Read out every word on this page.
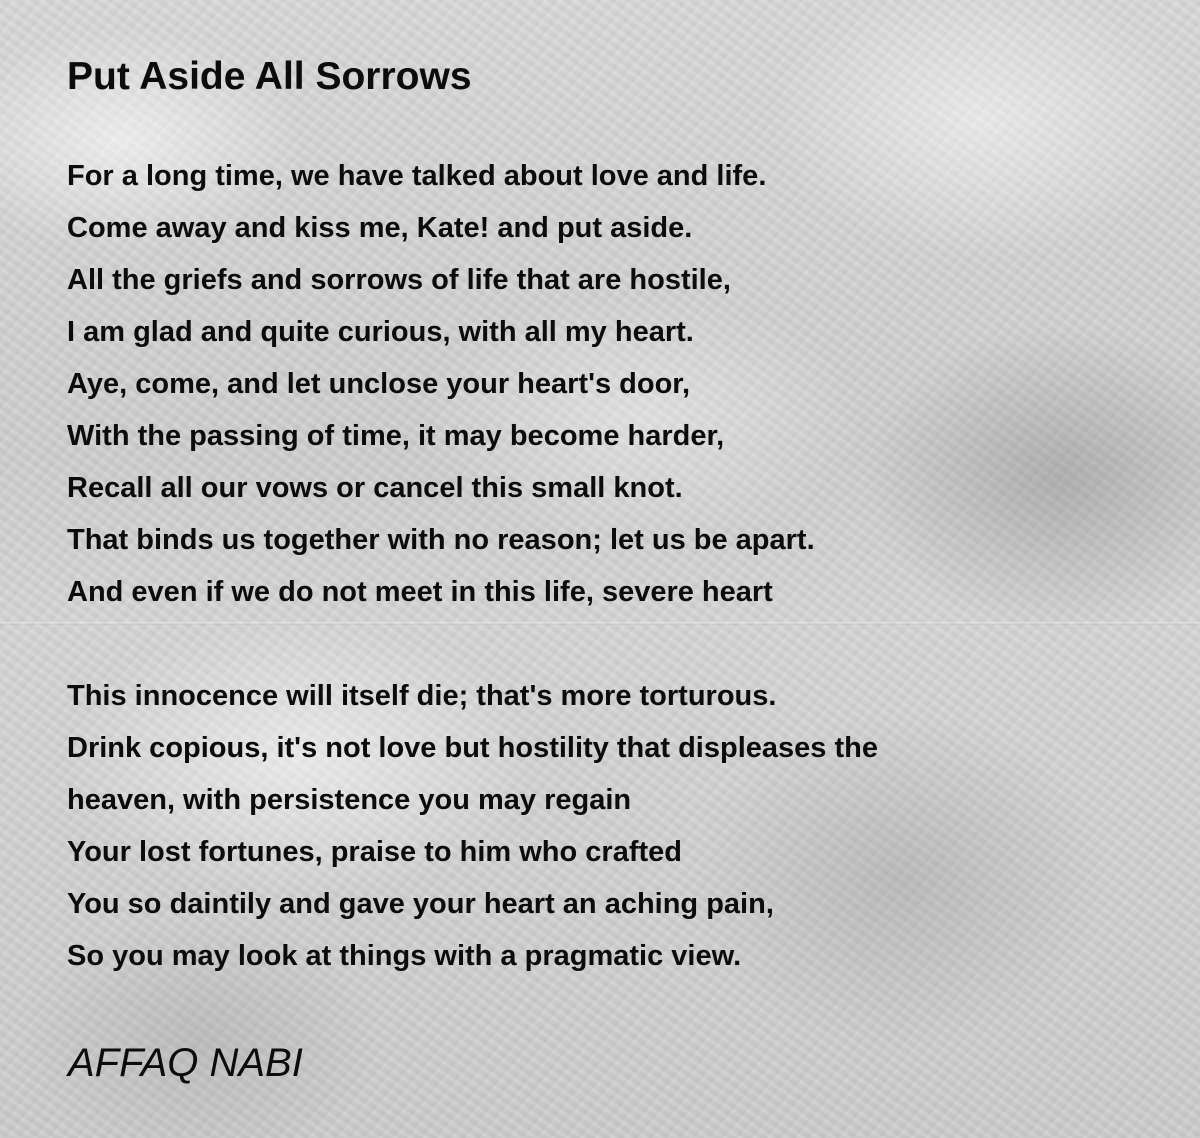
Put Aside All Sorrows
For a long time, we have talked about love and life.
Come away and kiss me, Kate! and put aside.
All the griefs and sorrows of life that are hostile,
I am glad and quite curious, with all my heart.
Aye, come, and let unclose your heart's door,
With the passing of time, it may become harder,
Recall all our vows or cancel this small knot.
That binds us together with no reason; let us be apart.
And even if we do not meet in this life, severe heart
This innocence will itself die; that's more torturous.
Drink copious, it's not love but hostility that displeases the
heaven, with persistence you may regain
Your lost fortunes, praise to him who crafted
You so daintily and gave your heart an aching pain,
So you may look at things with a pragmatic view.

AFFAQ NABI
